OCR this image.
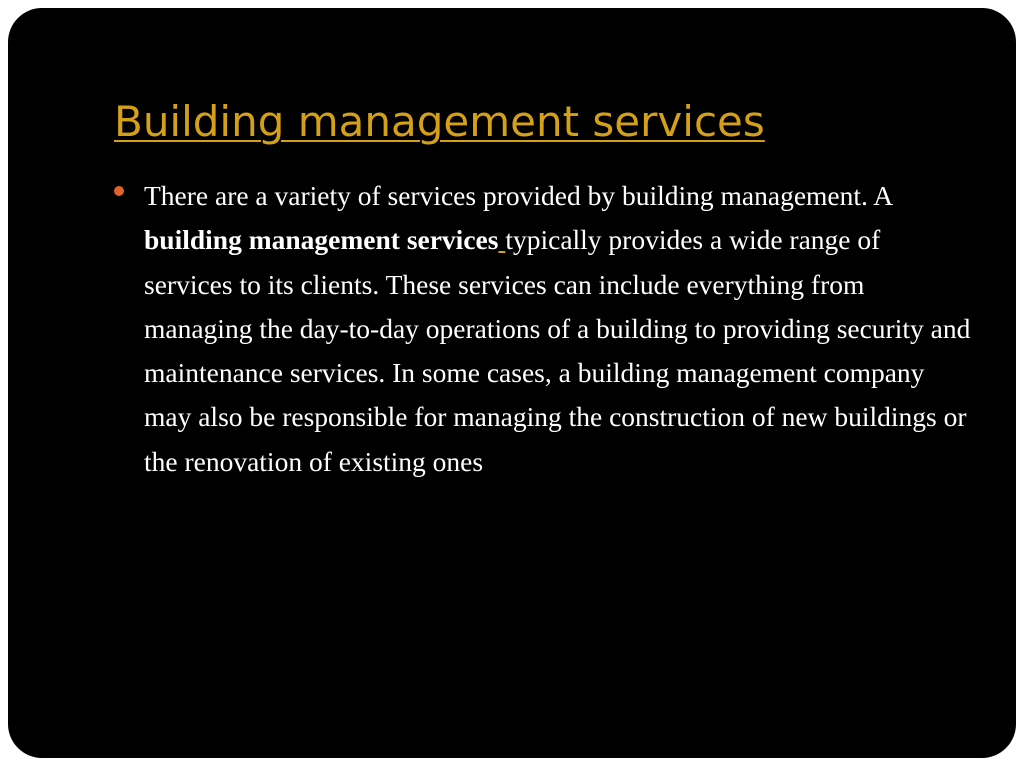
Building management services
There are a variety of services provided by building management. A building management services typically provides a wide range of services to its clients. These services can include everything from managing the day-to-day operations of a building to providing security and maintenance services. In some cases, a building management company may also be responsible for managing the construction of new buildings or the renovation of existing ones
